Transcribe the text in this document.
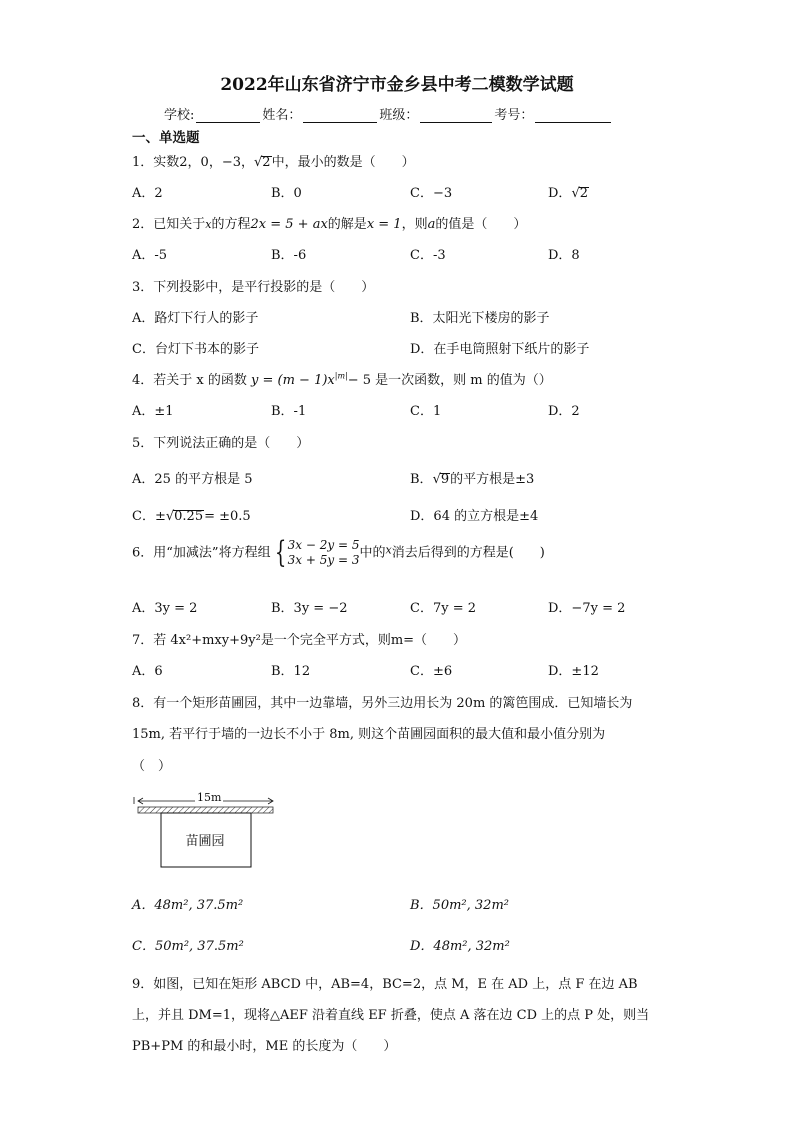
2022年山东省济宁市金乡县中考二模数学试题
学校:	姓名：	班级：	考号：
一、单选题
1．实数2，0，−3，√2中，最小的数是（　　）
A．2	B．0	C．−3	D．√2
2．已知关于x的方程2x = 5 + ax的解是x = 1，则a的值是（　　）
A．-5	B．-6	C．-3	D．8
3．下列投影中，是平行投影的是（　　）
A．路灯下行人的影子	B．太阳光下楼房的影子
C．台灯下书本的影子	D．在手电筒照射下纸片的影子
4．若关于 x 的函数 $y = (m - 1)x^{|m|}- 5$ 是一次函数，则 m 的值为（）
A．±1	B．-1	C．1	D．2
5．下列说法正确的是（　　）
A．25 的平方根是 5	B．√9的平方根是±3
C．±√0.25= ±0.5	D．64 的立方根是±4
6．用“加减法”将方程组 { 3x − 2y = 5
3x + 5y = 3中的$^x$消去后得到的方程是(　　)
A．3y = 2	B．3y = −2	C．7y = 2	D．−7y = 2
7．若 4x²+mxy+9y²是一个完全平方式，则m=（　　）
A．6	B．12	C．±6	D．±12
8．有一个矩形苗圃园，其中一边靠墙，另外三边用长为 20m 的篱笆围成．已知墙长为
15m, 若平行于墙的一边长不小于 8m, 则这个苗圃园面积的最大值和最小值分别为
（　）
15m
苗圃园
A．48m², 37.5m²	B．50m², 32m²
C．50m², 37.5m²	D．48m², 32m²
9．如图，已知在矩形 ABCD 中，AB=4，BC=2，点 M，E 在 AD 上，点 F 在边 AB
上，并且 DM=1，现将△AEF 沿着直线 EF 折叠，使点 A 落在边 CD 上的点 P 处，则当
PB+PM 的和最小时，ME 的长度为（　　）
